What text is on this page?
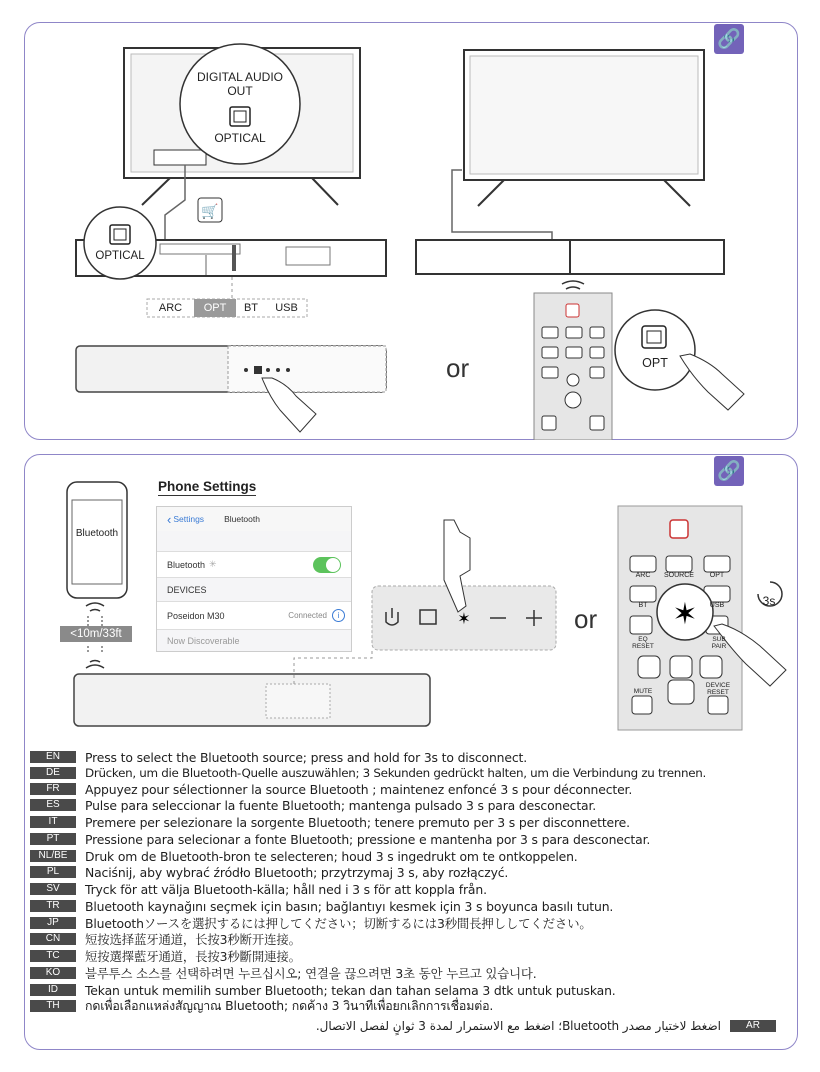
🔗
🛒
DIGITAL AUDIO
OUT
OPTICAL
OPTICAL
ARC	OPT	BT	USB
or	OPT
🔗
✶	✶
Bluetooth
<10m/33ft
Phone Settings
‹ Settings Bluetooth
Bluetooth ✳
DEVICES
Poseidon M30	Connected	i
Now Discoverable
or
3s
ARC	SOURCE	OPT
BT	USB
EQ
RESET
SUB
PAIR
MUTE
DEVICE
RESET
EN	Press to select the Bluetooth source; press and hold for 3s to disconnect.
DE	Drücken, um die Bluetooth-Quelle auszuwählen; 3 Sekunden gedrückt halten, um die Verbindung zu trennen.
FR	Appuyez pour sélectionner la source Bluetooth ; maintenez enfoncé 3 s pour déconnecter.
ES	Pulse para seleccionar la fuente Bluetooth; mantenga pulsado 3 s para desconectar.
IT	Premere per selezionare la sorgente Bluetooth; tenere premuto per 3 s per disconnettere.
PT	Pressione para selecionar a fonte Bluetooth; pressione e mantenha por 3 s para desconectar.
NL/BE	Druk om de Bluetooth-bron te selecteren; houd 3 s ingedrukt om te ontkoppelen.
PL	Naciśnij, aby wybrać źródło Bluetooth; przytrzymaj 3 s, aby rozłączyć.
SV	Tryck för att välja Bluetooth-källa; håll ned i 3 s för att koppla från.
TR	Bluetooth kaynağını seçmek için basın; bağlantıyı kesmek için 3 s boyunca basılı tutun.
JP	Bluetoothソースを選択するには押してください；切断するには3秒間長押ししてください。
CN	短按选择蓝牙通道，长按3秒断开连接。
TC	短按選擇藍牙通道，長按3秒斷開連接。
KO	블루투스 소스를 선택하려면 누르십시오; 연결을 끊으려면 3초 동안 누르고 있습니다.
ID	Tekan untuk memilih sumber Bluetooth; tekan dan tahan selama 3 dtk untuk putuskan.
TH	กดเพื่อเลือกแหล่งสัญญาณ Bluetooth; กดค้าง 3 วินาทีเพื่อยกเลิกการเชื่อมต่อ.
اضغط لاختيار مصدر Bluetooth؛ اضغط مع الاستمرار لمدة 3 ثوانٍ لفصل الاتصال.	AR
